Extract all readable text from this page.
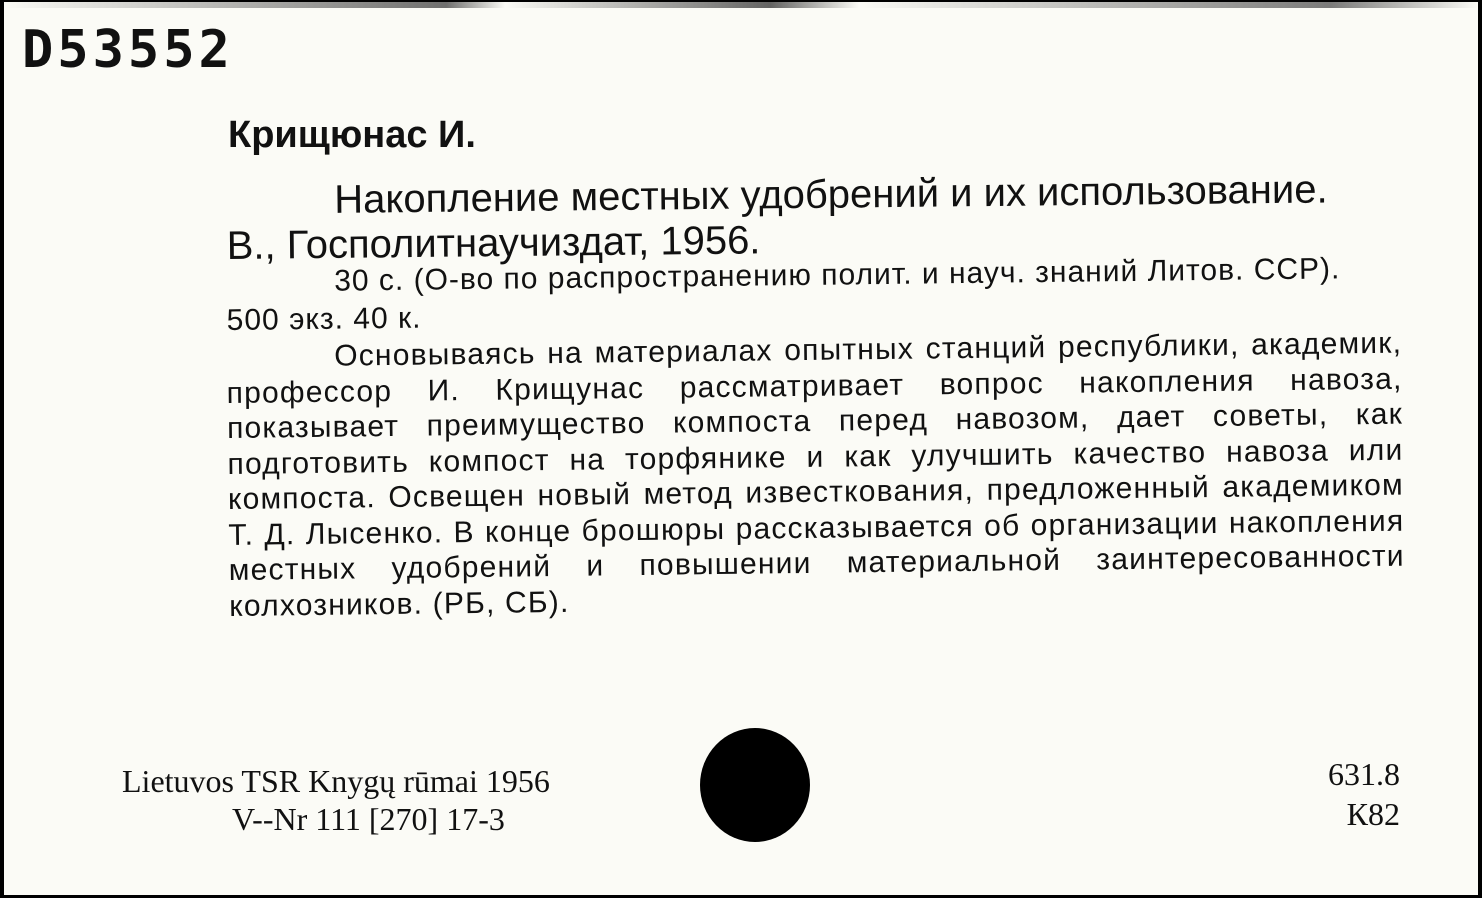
D53552
Крищюнас И.

Накопление местных удобрений и их использование.

В., Госполитнаучиздат, 1956.

30 с. (О-во по распространению полит. и науч. знаний Литов. ССР). 500 экз. 40 к.

Основываясь на материалах опытных станций республики, академик, профессор И. Крищунас рассматривает вопрос накопления навоза, показывает преимущество компоста перед навозом, дает советы, как подготовить компост на торфянике и как улучшить качество навоза или компоста. Освещен новый метод известкования, предложенный академиком Т. Д. Лысенко. В конце брошюры рассказывается об организации накопления местных удобрений и повышении материальной заинтересованности колхозников. (РБ, СБ).

Lietuvos TSR Knygų rūmai 1956
V--Nr 111 [270] 17-3
631.8
К82
